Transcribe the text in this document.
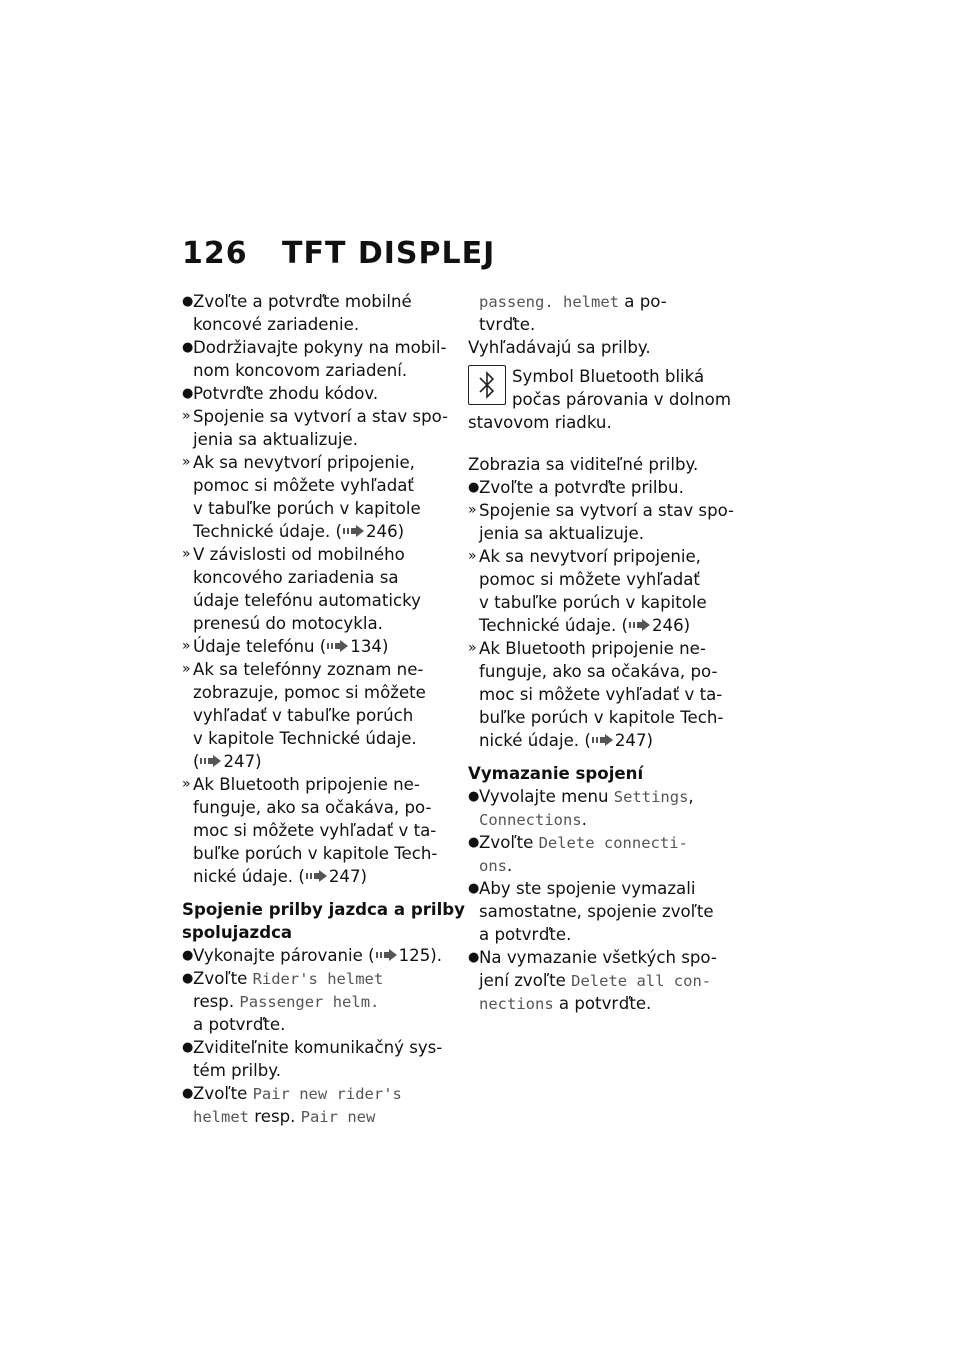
126 TFT DISPLEJ
● Zvoľte a potvrďte mobilné
koncové zariadenie.
● Dodržiavajte pokyny na mobil-
nom koncovom zariadení.
● Potvrďte zhodu kódov.
» Spojenie sa vytvorí a stav spo-
jenia sa aktualizuje.
» Ak sa nevytvorí pripojenie,
pomoc si môžete vyhľadať
v tabuľke porúch v kapitole
Technické údaje. ( 246)
» V závislosti od mobilného
koncového zariadenia sa
údaje telefónu automaticky
prenesú do motocykla.
» Údaje telefónu ( 134)
» Ak sa telefónny zoznam ne-
zobrazuje, pomoc si môžete
vyhľadať v tabuľke porúch
v kapitole Technické údaje.
( 247)
» Ak Bluetooth pripojenie ne-
funguje, ako sa očakáva, po-
moc si môžete vyhľadať v ta-
buľke porúch v kapitole Tech-
nické údaje. ( 247)
Spojenie prilby jazdca a prilby
spolujazdca
● Vykonajte párovanie ( 125).
● Zvoľte Rider's helmet
resp. Passenger helm.
a potvrďte.
● Zviditeľnite komunikačný sys-
tém prilby.
● Zvoľte Pair new rider's
helmet resp. Pair new
passeng. helmet a po-
tvrďte.
Vyhľadávajú sa prilby.
Symbol Bluetooth bliká
počas párovania v dolnom
stavovom riadku.
Zobrazia sa viditeľné prilby.
● Zvoľte a potvrďte prilbu.
» Spojenie sa vytvorí a stav spo-
jenia sa aktualizuje.
» Ak sa nevytvorí pripojenie,
pomoc si môžete vyhľadať
v tabuľke porúch v kapitole
Technické údaje. ( 246)
» Ak Bluetooth pripojenie ne-
funguje, ako sa očakáva, po-
moc si môžete vyhľadať v ta-
buľke porúch v kapitole Tech-
nické údaje. ( 247)
Vymazanie spojení
● Vyvolajte menu Settings,
Connections.
● Zvoľte Delete connecti-
ons.
● Aby ste spojenie vymazali
samostatne, spojenie zvoľte
a potvrďte.
● Na vymazanie všetkých spo-
jení zvoľte Delete all con-
nections a potvrďte.
